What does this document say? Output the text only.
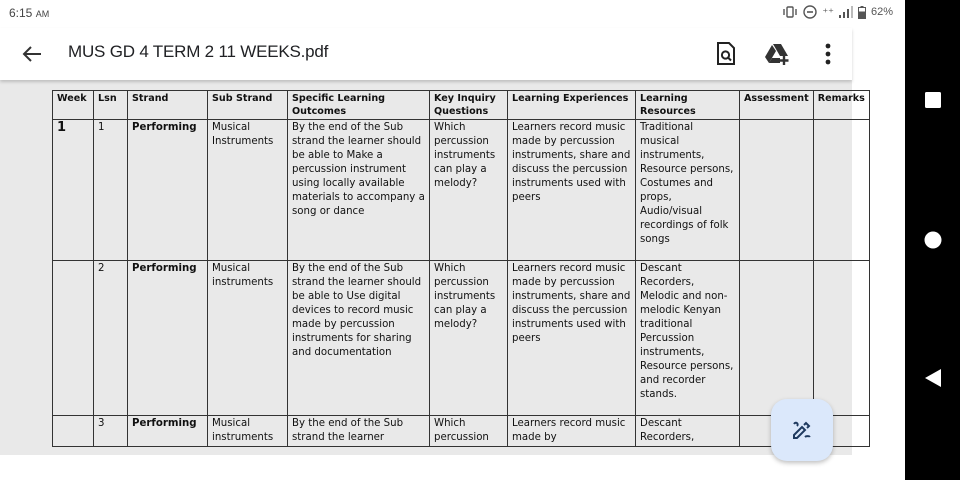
6:15 AM	⁺⁺	62%
MUS GD 4 TERM 2 11 WEEKS.pdf
Week	Lsn	Strand	Sub Strand	Specific Learning Outcomes	Key Inquiry Questions	Learning Experiences	Learning Resources	Assessment	Remarks
1	1	Performing	Musical Instruments	By the end of the Sub strand the learner should be able to Make a percussion instrument using locally available materials to accompany a song or dance	Which percussion instruments can play a melody?	Learners record music made by percussion instruments, share and discuss the percussion instruments used with peers	Traditional musical instruments, Resource persons, Costumes and props, Audio/visual recordings of folk songs		
	2	Performing	Musical instruments	By the end of the Sub strand the learner should be able to Use digital devices to record music made by percussion instruments for sharing and documentation	Which percussion instruments can play a melody?	Learners record music made by percussion instruments, share and discuss the percussion instruments used with peers	Descant Recorders, Melodic and non-melodic Kenyan traditional Percussion instruments, Resource persons, and recorder stands.		
	3	Performing	Musical instruments	By the end of the Sub strand the learner	Which percussion	Learners record music made by	Descant Recorders,		
